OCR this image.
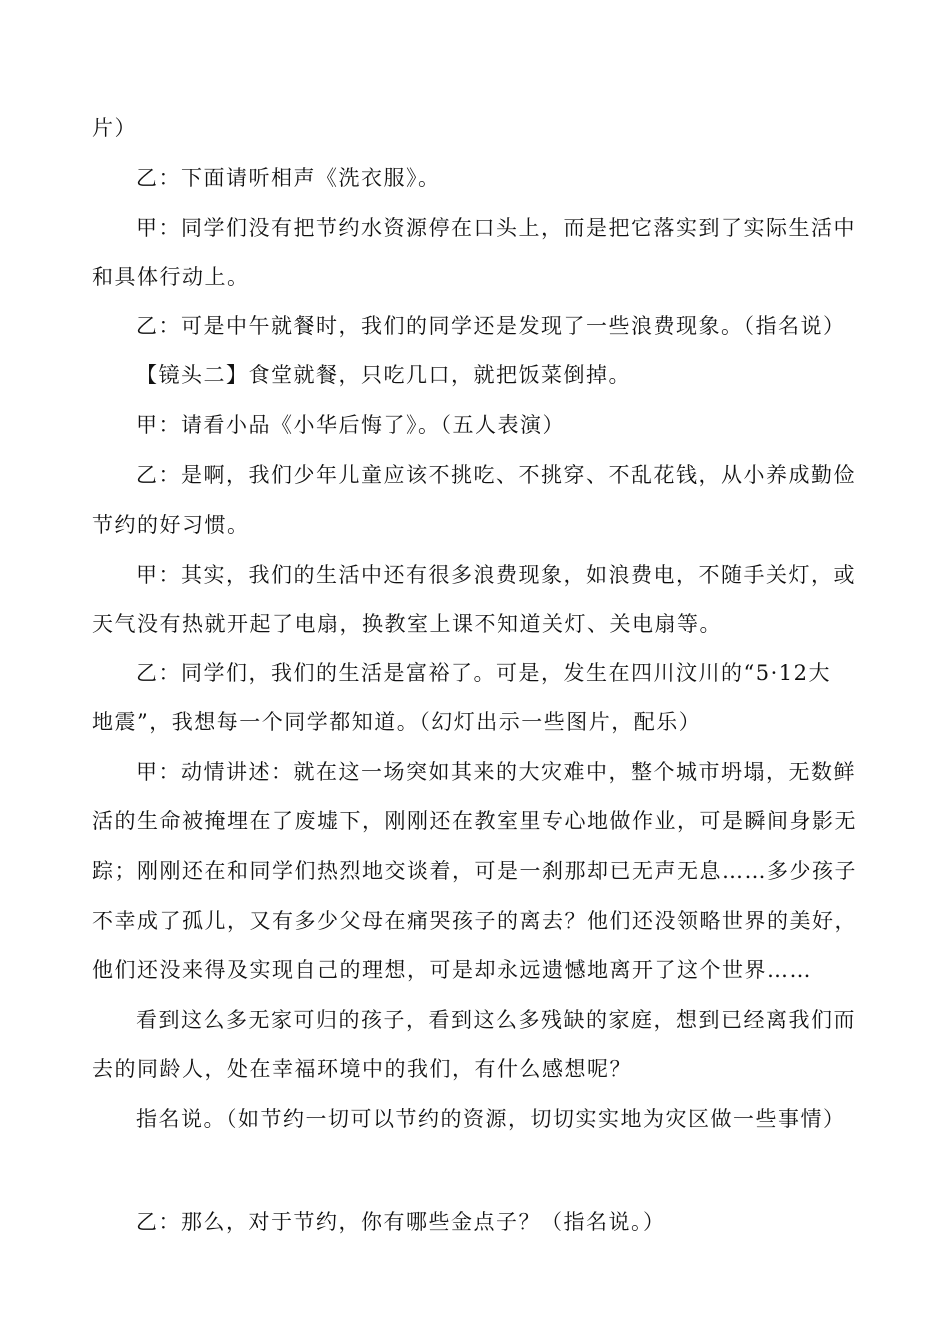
片）
乙：下面请听相声《洗衣服》。
甲：同学们没有把节约水资源停在口头上，而是把它落实到了实际生活中
和具体行动上。
乙：可是中午就餐时，我们的同学还是发现了一些浪费现象。（指名说）
【镜头二】食堂就餐，只吃几口，就把饭菜倒掉。
甲：请看小品《小华后悔了》。（五人表演）
乙：是啊，我们少年儿童应该不挑吃、不挑穿、不乱花钱，从小养成勤俭
节约的好习惯。
甲：其实，我们的生活中还有很多浪费现象，如浪费电，不随手关灯，或
天气没有热就开起了电扇，换教室上课不知道关灯、关电扇等。
乙：同学们，我们的生活是富裕了。可是，发生在四川汶川的“5·12大
地震”，我想每一个同学都知道。（幻灯出示一些图片，配乐）
甲：动情讲述：就在这一场突如其来的大灾难中，整个城市坍塌，无数鲜
活的生命被掩埋在了废墟下，刚刚还在教室里专心地做作业，可是瞬间身影无
踪；刚刚还在和同学们热烈地交谈着，可是一刹那却已无声无息……多少孩子
不幸成了孤儿，又有多少父母在痛哭孩子的离去？他们还没领略世界的美好，
他们还没来得及实现自己的理想，可是却永远遗憾地离开了这个世界……
看到这么多无家可归的孩子，看到这么多残缺的家庭，想到已经离我们而
去的同龄人，处在幸福环境中的我们，有什么感想呢？
指名说。（如节约一切可以节约的资源，切切实实地为灾区做一些事情）
乙：那么，对于节约，你有哪些金点子？（指名说。）
